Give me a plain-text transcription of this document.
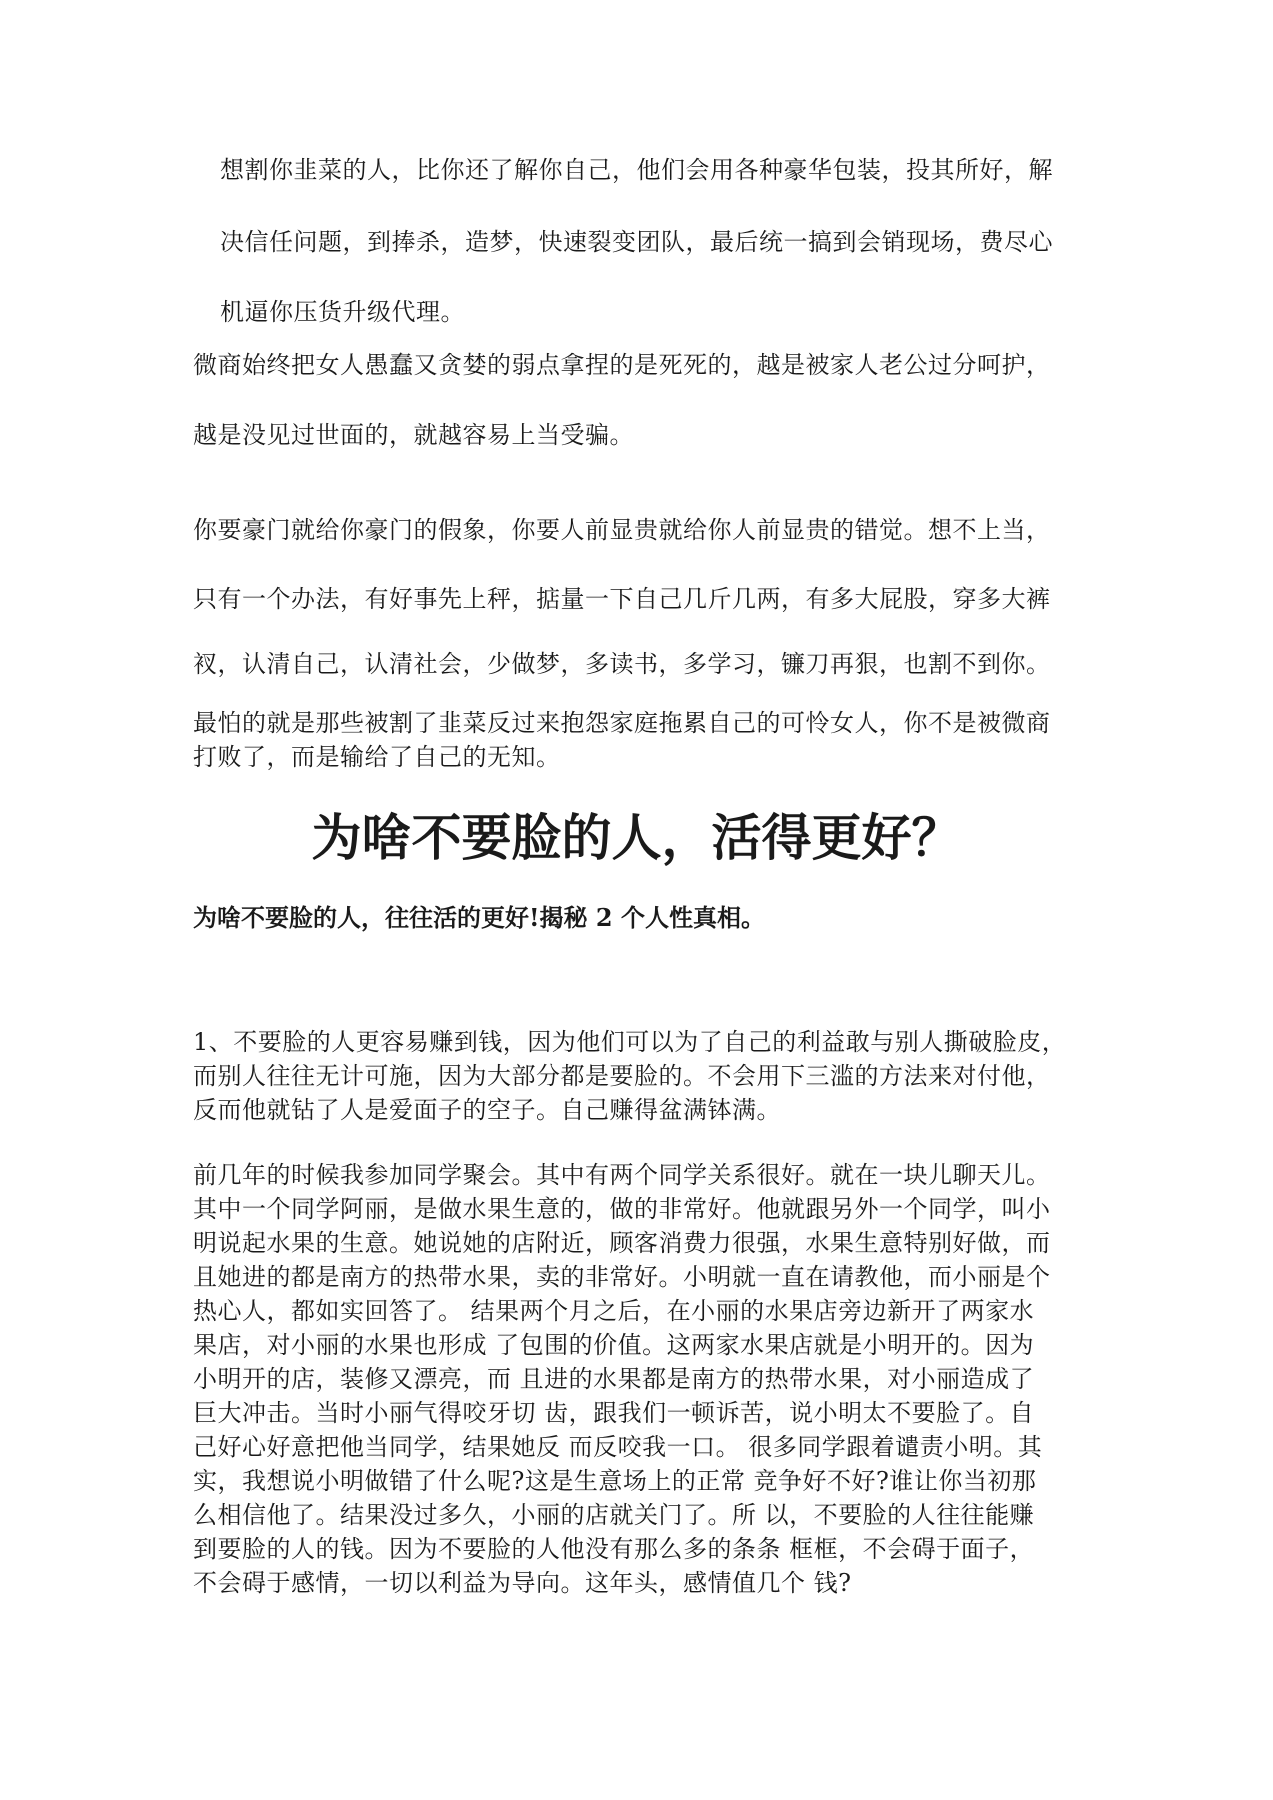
想割你韭菜的人，比你还了解你自己，他们会用各种豪华包装，投其所好，解
决信任问题，到捧杀，造梦，快速裂变团队，最后统一搞到会销现场，费尽心
机逼你压货升级代理。
微商始终把女人愚蠢又贪婪的弱点拿捏的是死死的，越是被家人老公过分呵护，
越是没见过世面的，就越容易上当受骗。
你要豪门就给你豪门的假象，你要人前显贵就给你人前显贵的错觉。想不上当，
只有一个办法，有好事先上秤，掂量一下自己几斤几两，有多大屁股，穿多大裤
衩，认清自己，认清社会，少做梦，多读书，多学习，镰刀再狠，也割不到你。
最怕的就是那些被割了韭菜反过来抱怨家庭拖累自己的可怜女人，你不是被微商
打败了，而是输给了自己的无知。
为啥不要脸的人，活得更好？
为啥不要脸的人，往往活的更好!揭秘 2 个人性真相。
1、不要脸的人更容易赚到钱，因为他们可以为了自己的利益敢与别人撕破脸皮，
而别人往往无计可施，因为大部分都是要脸的。不会用下三滥的方法来对付他，
反而他就钻了人是爱面子的空子。自己赚得盆满钵满。
前几年的时候我参加同学聚会。其中有两个同学关系很好。就在一块儿聊天儿。
其中一个同学阿丽，是做水果生意的，做的非常好。他就跟另外一个同学，叫小
明说起水果的生意。她说她的店附近，顾客消费力很强，水果生意特别好做，而
且她进的都是南方的热带水果，卖的非常好。小明就一直在请教他，而小丽是个
热心人，都如实回答了。 结果两个月之后，在小丽的水果店旁边新开了两家水
果店，对小丽的水果也形成 了包围的价值。这两家水果店就是小明开的。因为
小明开的店，装修又漂亮，而 且进的水果都是南方的热带水果，对小丽造成了
巨大冲击。当时小丽气得咬牙切 齿，跟我们一顿诉苦，说小明太不要脸了。自
己好心好意把他当同学，结果她反 而反咬我一口。 很多同学跟着谴责小明。其
实，我想说小明做错了什么呢?这是生意场上的正常 竞争好不好?谁让你当初那
么相信他了。结果没过多久，小丽的店就关门了。所 以，不要脸的人往往能赚
到要脸的人的钱。因为不要脸的人他没有那么多的条条 框框，不会碍于面子，
不会碍于感情，一切以利益为导向。这年头，感情值几个 钱?
